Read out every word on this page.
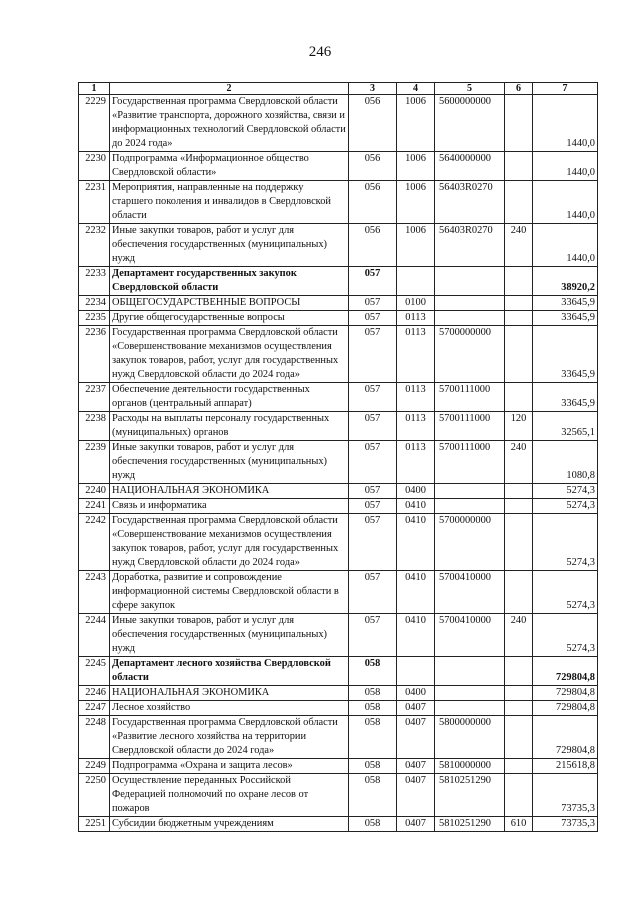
246
1	2	3	4	5	6	7
2229	Государственная программа Свердловской области «Развитие транспорта, дорожного хозяйства, связи и информационных технологий Свердловской области до 2024 года»	056	1006	5600000000		1440,0
2230	Подпрограмма «Информационное общество Свердловской области»	056	1006	5640000000		1440,0
2231	Мероприятия, направленные на поддержку старшего поколения и инвалидов в Свердловской области	056	1006	56403R0270		1440,0
2232	Иные закупки товаров, работ и услуг для обеспечения государственных (муниципальных) нужд	056	1006	56403R0270	240	1440,0
2233	Департамент государственных закупок Свердловской области	057				38920,2
2234	ОБЩЕГОСУДАРСТВЕННЫЕ ВОПРОСЫ	057	0100			33645,9
2235	Другие общегосударственные вопросы	057	0113			33645,9
2236	Государственная программа Свердловской области «Совершенствование механизмов осуществления закупок товаров, работ, услуг для государственных нужд Свердловской области до 2024 года»	057	0113	5700000000		33645,9
2237	Обеспечение деятельности государственных органов (центральный аппарат)	057	0113	5700111000		33645,9
2238	Расходы на выплаты персоналу государственных (муниципальных) органов	057	0113	5700111000	120	32565,1
2239	Иные закупки товаров, работ и услуг для обеспечения государственных (муниципальных) нужд	057	0113	5700111000	240	1080,8
2240	НАЦИОНАЛЬНАЯ ЭКОНОМИКА	057	0400			5274,3
2241	Связь и информатика	057	0410			5274,3
2242	Государственная программа Свердловской области «Совершенствование механизмов осуществления закупок товаров, работ, услуг для государственных нужд Свердловской области до 2024 года»	057	0410	5700000000		5274,3
2243	Доработка, развитие и сопровождение информационной системы Свердловской области в сфере закупок	057	0410	5700410000		5274,3
2244	Иные закупки товаров, работ и услуг для обеспечения государственных (муниципальных) нужд	057	0410	5700410000	240	5274,3
2245	Департамент лесного хозяйства Свердловской области	058				729804,8
2246	НАЦИОНАЛЬНАЯ ЭКОНОМИКА	058	0400			729804,8
2247	Лесное хозяйство	058	0407			729804,8
2248	Государственная программа Свердловской области «Развитие лесного хозяйства на территории Свердловской области до 2024 года»	058	0407	5800000000		729804,8
2249	Подпрограмма «Охрана и защита лесов»	058	0407	5810000000		215618,8
2250	Осуществление переданных Российской Федерацией полномочий по охране лесов от пожаров	058	0407	5810251290		73735,3
2251	Субсидии бюджетным учреждениям	058	0407	5810251290	610	73735,3
